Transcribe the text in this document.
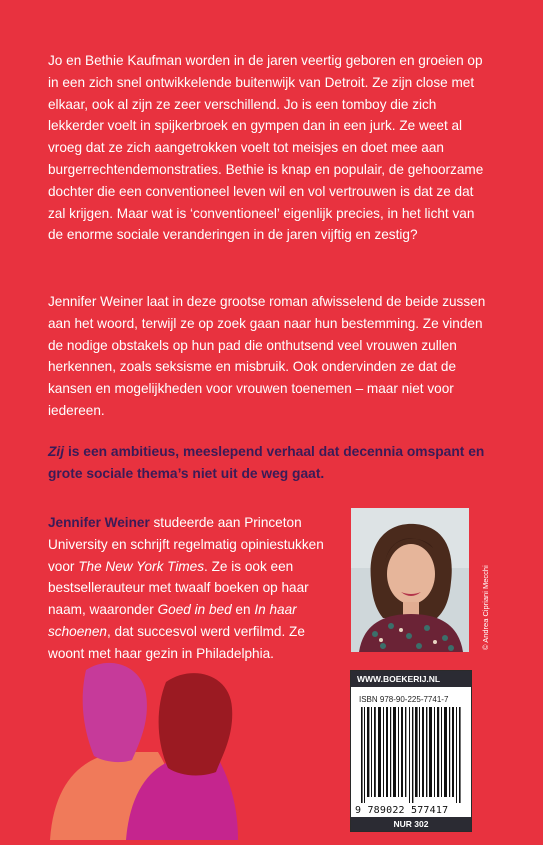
Jo en Bethie Kaufman worden in de jaren veertig geboren en groeien op in een zich snel ontwikkelende buitenwijk van Detroit. Ze zijn close met elkaar, ook al zijn ze zeer verschillend. Jo is een tomboy die zich lekkerder voelt in spijkerbroek en gympen dan in een jurk. Ze weet al vroeg dat ze zich aangetrokken voelt tot meisjes en doet mee aan burgerrechtendemonstraties. Bethie is knap en populair, de gehoorzame dochter die een conventioneel leven wil en vol vertrouwen is dat ze dat zal krijgen. Maar wat is ‘conventioneel’ eigenlijk precies, in het licht van de enorme sociale veranderingen in de jaren vijftig en zestig?

Jennifer Weiner laat in deze grootse roman afwisselend de beide zussen aan het woord, terwijl ze op zoek gaan naar hun bestemming. Ze vinden de nodige obstakels op hun pad die onthutsend veel vrouwen zullen herkennen, zoals seksisme en misbruik. Ook ondervinden ze dat de kansen en mogelijkheden voor vrouwen toenemen – maar niet voor iedereen.

Zij is een ambitieus, meeslepend verhaal dat decennia omspant en grote sociale thema’s niet uit de weg gaat.

Jennifer Weiner studeerde aan Princeton University en schrijft regelmatig opiniestukken voor The New York Times. Ze is ook een bestsellerauteur met twaalf boeken op haar naam, waaronder Goed in bed en In haar schoenen, dat succesvol werd verfilmd. Ze woont met haar gezin in Philadelphia.

© Andrea Cipriani Mecchi
WWW.BOEKERIJ.NL
ISBN 978-90-225-7741-7
9 789022 577417
NUR 302
